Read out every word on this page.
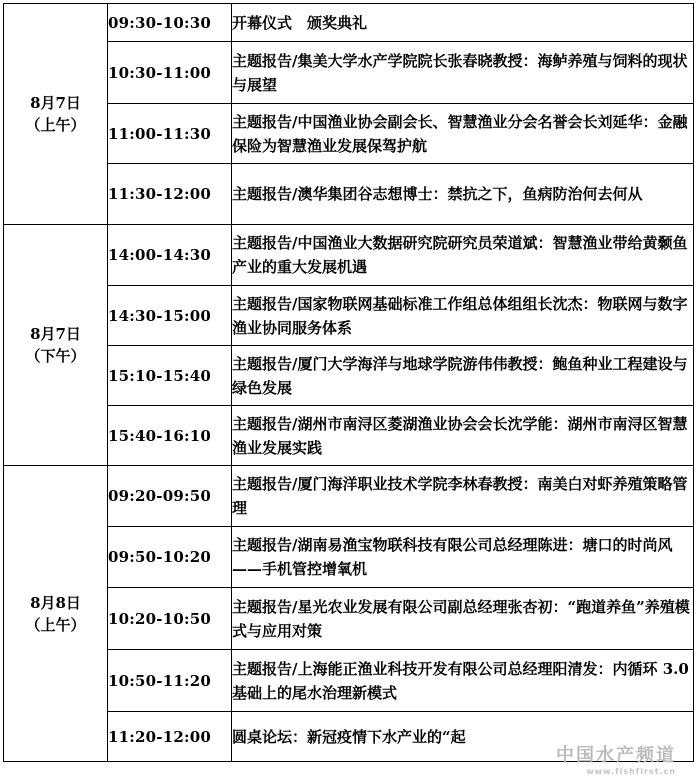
8月7日
（上午）	09:30-10:30	开幕仪式　颁奖典礼
	10:30-11:00	主题报告/集美大学水产学院院长张春晓教授：海鲈养殖与饲料的现状与展望
	11:00-11:30	主题报告/中国渔业协会副会长、智慧渔业分会名誉会长刘延华：金融保险为智慧渔业发展保驾护航
	11:30-12:00	主题报告/澳华集团谷志想博士：禁抗之下，鱼病防治何去何从

8月7日
（下午）	14:00-14:30	主题报告/中国渔业大数据研究院研究员荣道斌：智慧渔业带给黄颡鱼产业的重大发展机遇
	14:30-15:00	主题报告/国家物联网基础标准工作组总体组组长沈杰：物联网与数字渔业协同服务体系
	15:10-15:40	主题报告/厦门大学海洋与地球学院游伟伟教授：鲍鱼种业工程建设与绿色发展
	15:40-16:10	主题报告/湖州市南浔区菱湖渔业协会会长沈学能：湖州市南浔区智慧渔业发展实践

8月8日
（上午）	09:20-09:50	主题报告/厦门海洋职业技术学院李林春教授：南美白对虾养殖策略管理
	09:50-10:20	主题报告/湖南易渔宝物联科技有限公司总经理陈进：塘口的时尚风——手机管控增氧机
	10:20-10:50	主题报告/星光农业发展有限公司副总经理张杏初：“跑道养鱼”养殖模式与应用对策
	10:50-11:20	主题报告/上海能正渔业科技开发有限公司总经理阳清发：内循环 3.0 基础上的尾水治理新模式
	11:20-12:00	圆桌论坛：新冠疫情下水产业的“起
中国水产频道
www.fishfirst.cn
